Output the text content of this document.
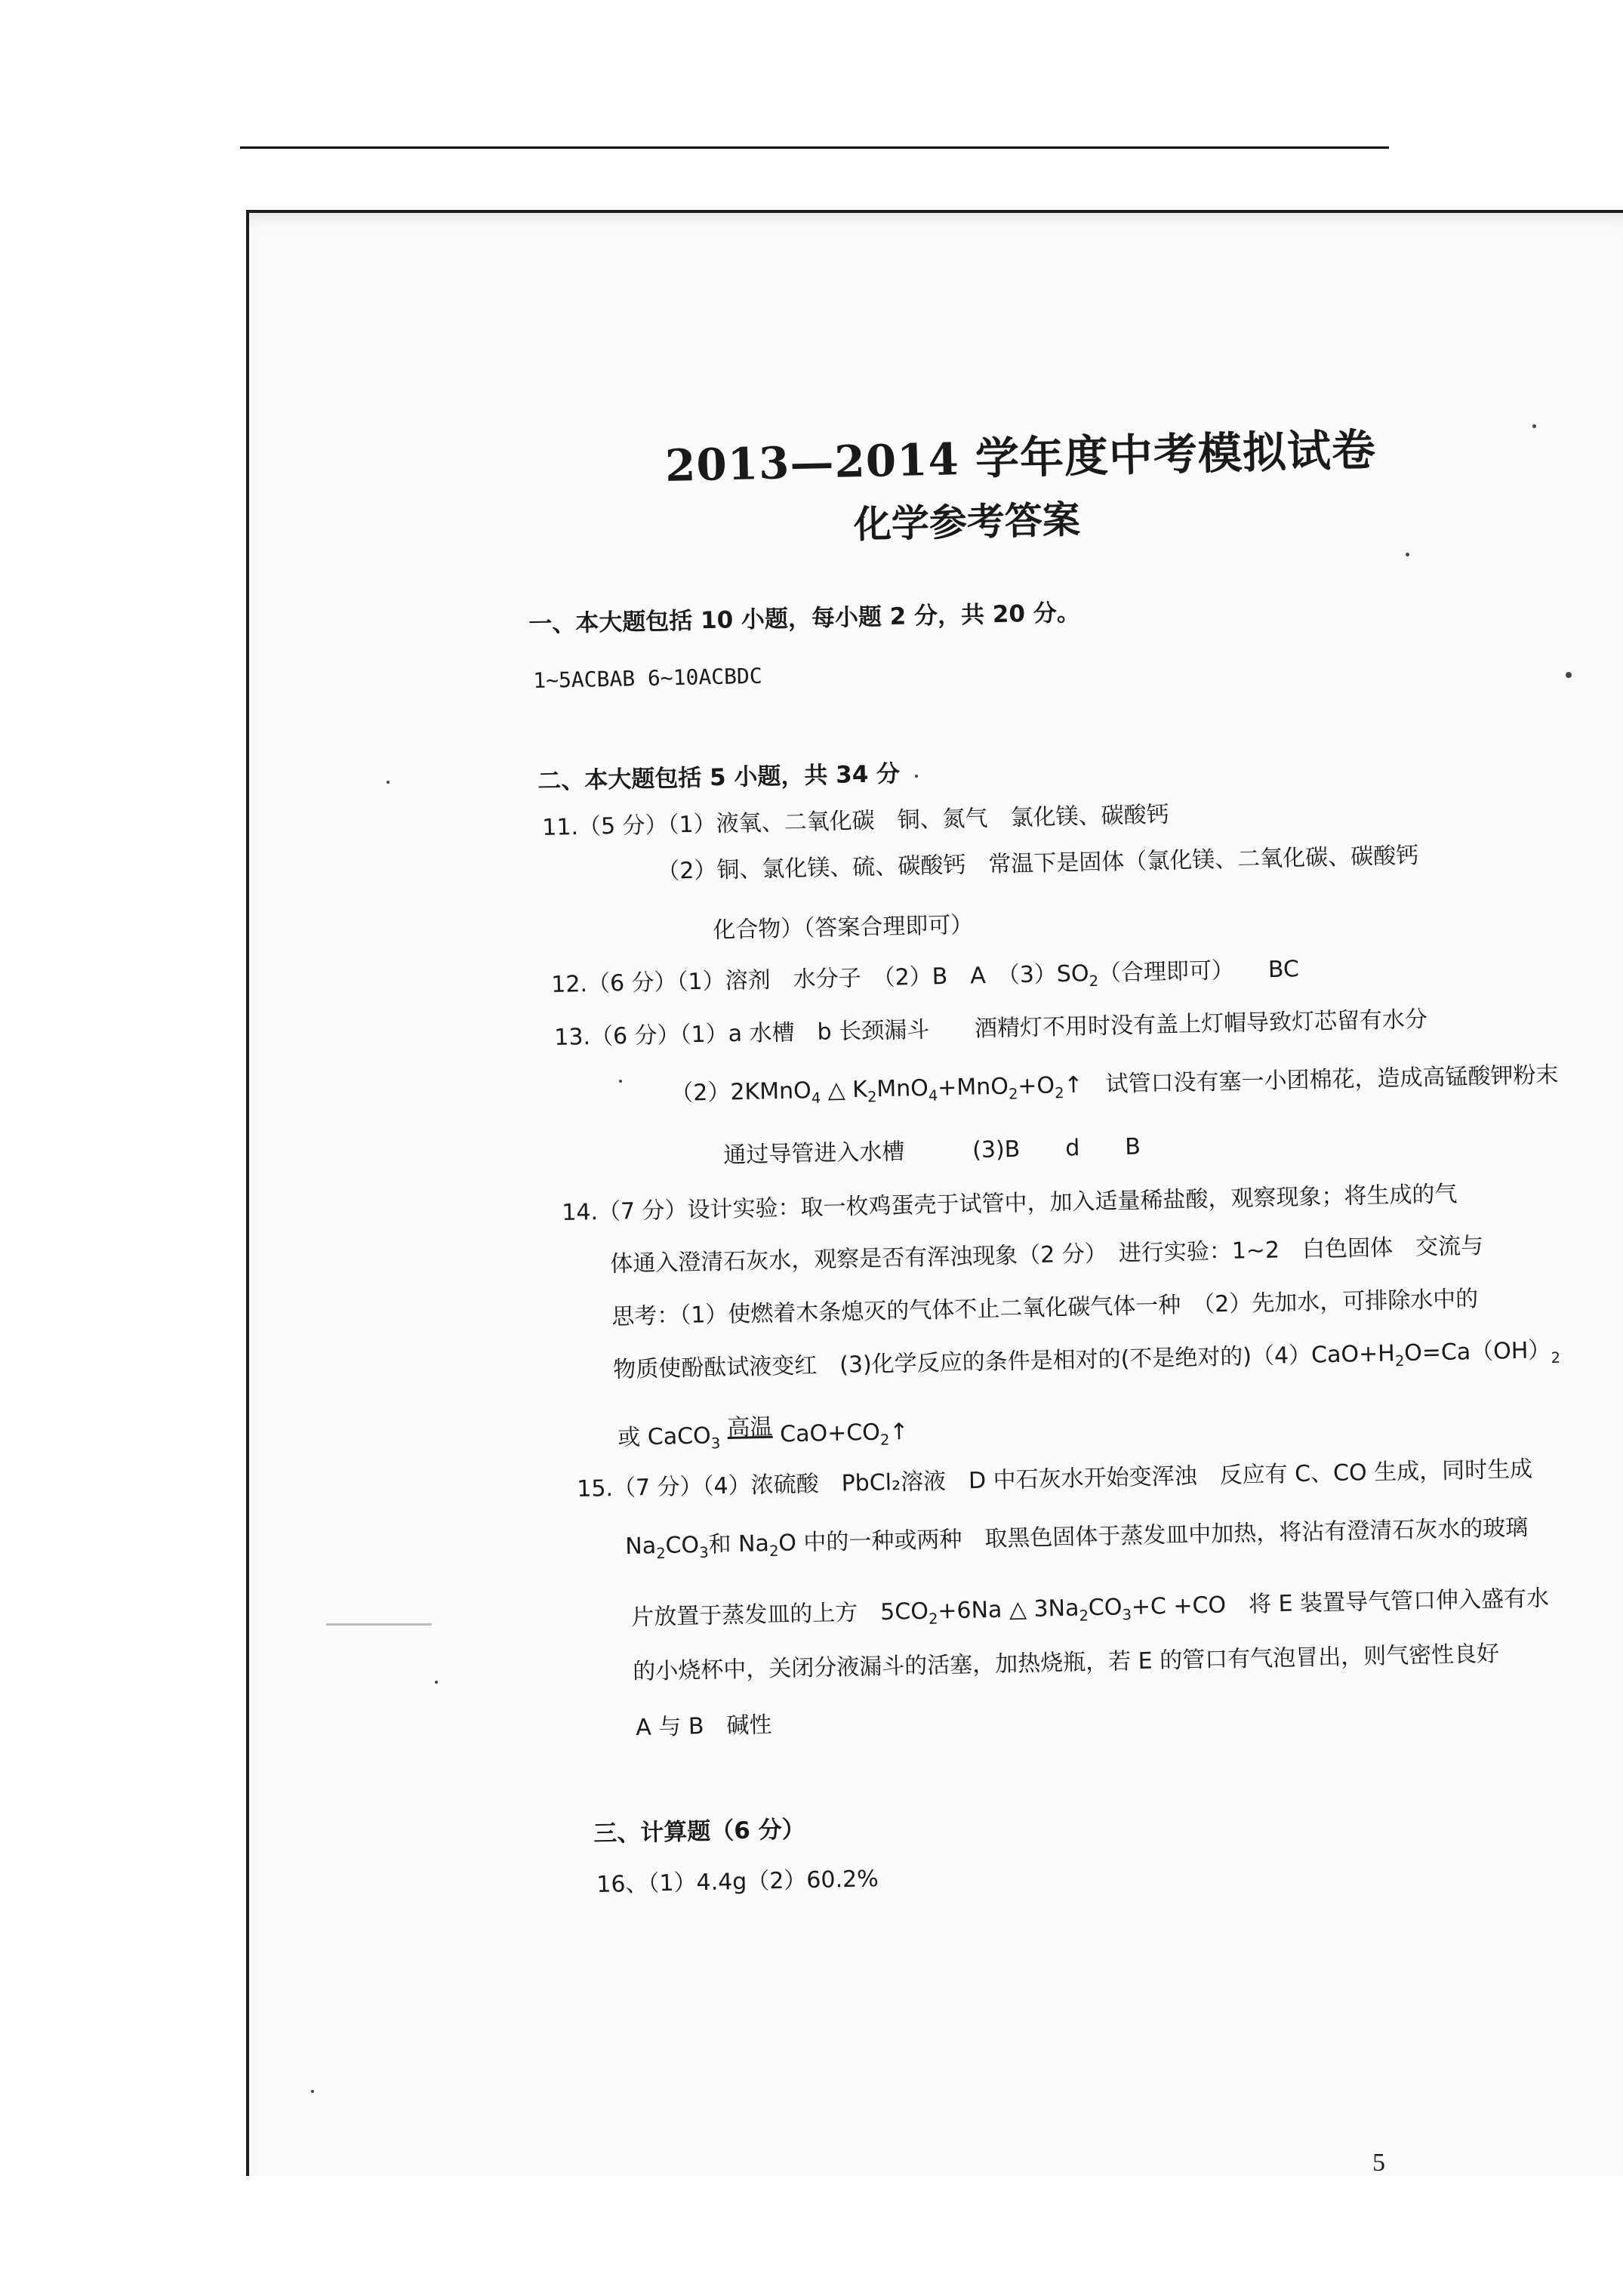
2013—2014 学年度中考模拟试卷
化学参考答案
一、本大题包括 10 小题，每小题 2 分，共 20 分。
1~5ACBAB 6~10ACBDC
二、本大题包括 5 小题，共 34 分
11.（5 分）（1）液氧、二氧化碳　铜、氮气　氯化镁、碳酸钙
（2）铜、氯化镁、硫、碳酸钙　常温下是固体（氯化镁、二氧化碳、碳酸钙
化合物）（答案合理即可）
12.（6 分）（1）溶剂　水分子　（2）B　A　$(3)SO_2$（合理即可）　　BC
13.（6 分）（1）a 水槽　b 长颈漏斗　　酒精灯不用时没有盖上灯帽导致灯芯留有水分
（2）2KMnO$_4$ △ $K_2MnO_4+MnO_2+O_2↑$　试管口没有塞一小团棉花，造成高锰酸钾粉末
通过导管进入水槽　　　(3)B　　d　　B
14.（7 分）设计实验：取一枚鸡蛋壳于试管中，加入适量稀盐酸，观察现象；将生成的气
体通入澄清石灰水，观察是否有浑浊现象（2 分）　进行实验：1~2　白色固体　交流与
思考：（1）使燃着木条熄灭的气体不止二氧化碳气体一种　（2）先加水，可排除水中的
物质使酚酞试液变红　(3)化学反应的条件是相对的(不是绝对的)$(4)CaO+H_2O=Ca(OH)_2$
或 CaCO$_3$ 高温 $CaO+CO_2↑$
15.（7 分）（4）浓硫酸　PbCl₂溶液　D 中石灰水开始变浑浊　反应有 C、CO 生成，同时生成
$Na_2CO_3$和 $Na_2O$ 中的一种或两种　取黑色固体于蒸发皿中加热，将沾有澄清石灰水的玻璃
片放置于蒸发皿的上方　$5CO_2+6Na$ △ $3Na_2CO_3+C +CO$　将 E 装置导气管口伸入盛有水
的小烧杯中，关闭分液漏斗的活塞，加热烧瓶，若 E 的管口有气泡冒出，则气密性良好
A 与 B　碱性
三、计算题（6 分）
16、（1）4.4g（2）60.2%
5
